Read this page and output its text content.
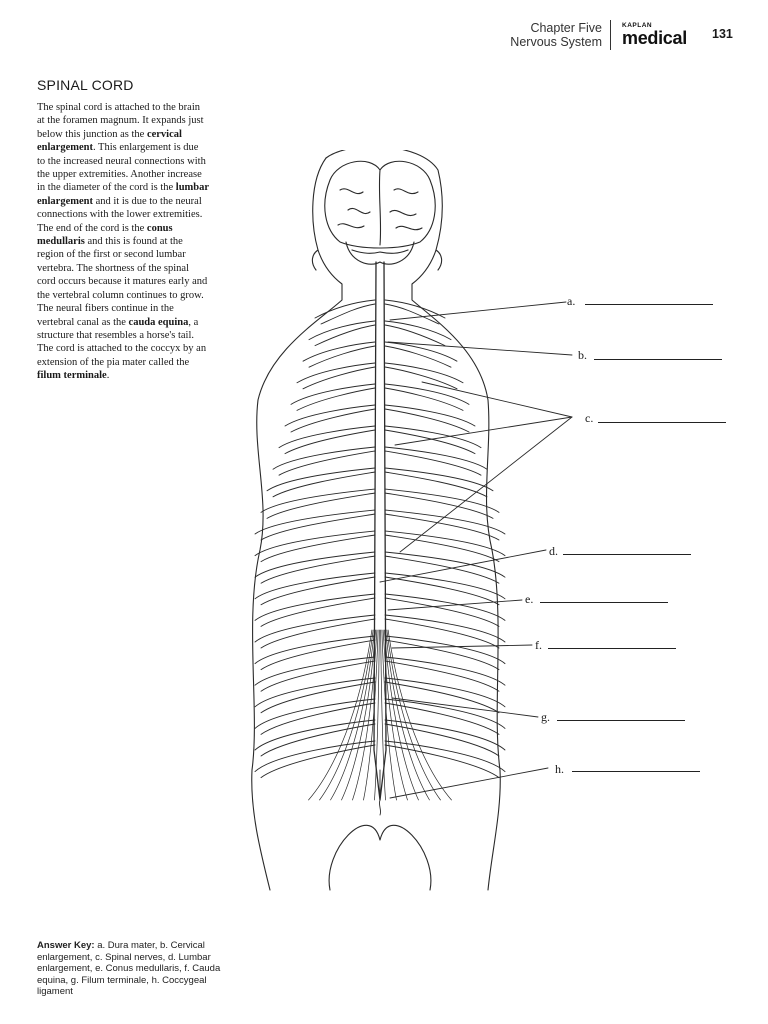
Chapter Five
Nervous System
KAPLAN
medical 131
SPINAL CORD

The spinal cord is attached to the brain at the foramen magnum. It expands just below this junction as the cervical enlargement. This enlargement is due to the increased neural connections with the upper extremities. Another increase in the diameter of the cord is the lumbar enlargement and it is due to the neural connections with the lower extremities. The end of the cord is the conus medullaris and this is found at the region of the first or second lumbar vertebra. The shortness of the spinal cord occurs because it matures early and the vertebral column continues to grow. The neural fibers continue in the vertebral canal as the cauda equina, a structure that resembles a horse's tail. The cord is attached to the coccyx by an extension of the pia mater called the filum terminale.

a.
b.
c.
d.
e.
f.
g.
h.
Answer Key: a. Dura mater, b. Cervical enlargement, c. Spinal nerves, d. Lumbar enlargement, e. Conus medullaris, f. Cauda equina, g. Filum terminale, h. Coccygeal ligament
